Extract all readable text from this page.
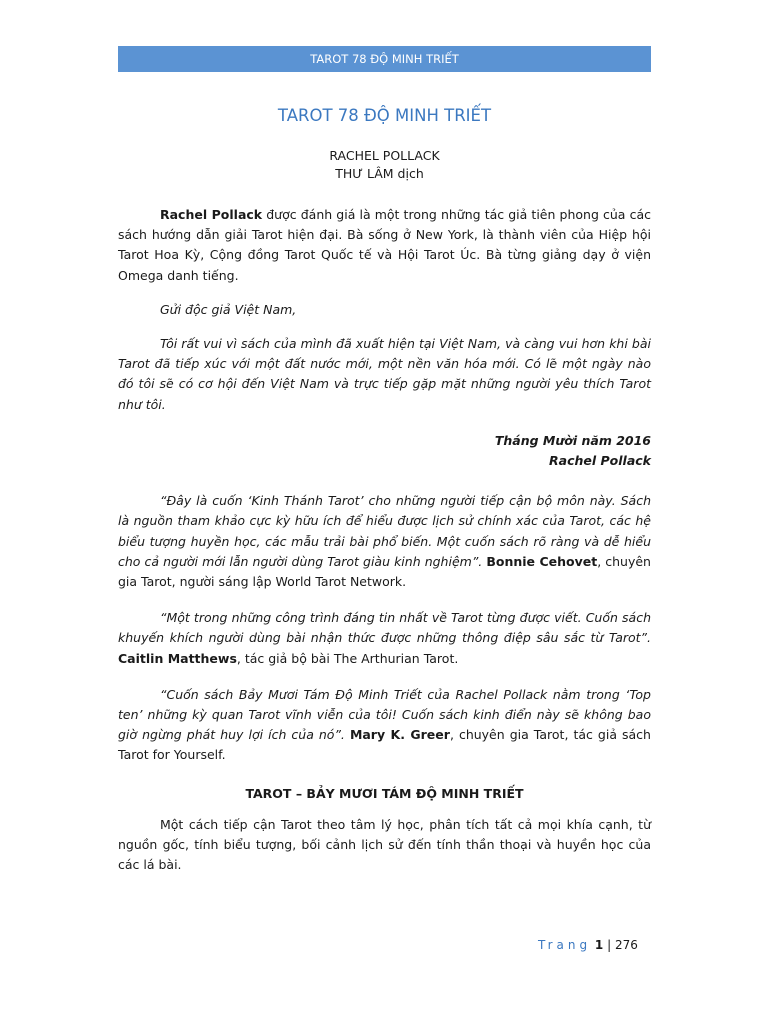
TAROT 78 ĐỘ MINH TRIẾT
TAROT 78 ĐỘ MINH TRIẾT
RACHEL POLLACK
THƯ LÂM dịch

Rachel Pollack được đánh giá là một trong những tác giả tiên phong của các sách hướng dẫn giải Tarot hiện đại. Bà sống ở New York, là thành viên của Hiệp hội Tarot Hoa Kỳ, Cộng đồng Tarot Quốc tế và Hội Tarot Úc. Bà từng giảng dạy ở viện Omega danh tiếng.

Gửi độc giả Việt Nam,

Tôi rất vui vì sách của mình đã xuất hiện tại Việt Nam, và càng vui hơn khi bài Tarot đã tiếp xúc với một đất nước mới, một nền văn hóa mới. Có lẽ một ngày nào đó tôi sẽ có cơ hội đến Việt Nam và trực tiếp gặp mặt những người yêu thích Tarot như tôi.

Tháng Mười năm 2016
Rachel Pollack

“Đây là cuốn ‘Kinh Thánh Tarot’ cho những người tiếp cận bộ môn này. Sách là nguồn tham khảo cực kỳ hữu ích để hiểu được lịch sử chính xác của Tarot, các hệ biểu tượng huyền học, các mẫu trải bài phổ biến. Một cuốn sách rõ ràng và dễ hiểu cho cả người mới lẫn người dùng Tarot giàu kinh nghiệm”. Bonnie Cehovet, chuyên gia Tarot, người sáng lập World Tarot Network.

“Một trong những công trình đáng tin nhất về Tarot từng được viết. Cuốn sách khuyến khích người dùng bài nhận thức được những thông điệp sâu sắc từ Tarot”. Caitlin Matthews, tác giả bộ bài The Arthurian Tarot.

“Cuốn sách Bảy Mươi Tám Độ Minh Triết của Rachel Pollack nằm trong ‘Top ten’ những kỳ quan Tarot vĩnh viễn của tôi! Cuốn sách kinh điển này sẽ không bao giờ ngừng phát huy lợi ích của nó”. Mary K. Greer, chuyên gia Tarot, tác giả sách Tarot for Yourself.

TAROT – BẢY MƯƠI TÁM ĐỘ MINH TRIẾT

Một cách tiếp cận Tarot theo tâm lý học, phân tích tất cả mọi khía cạnh, từ nguồn gốc, tính biểu tượng, bối cảnh lịch sử đến tính thần thoại và huyền học của các lá bài.

Trang 1 | 276
